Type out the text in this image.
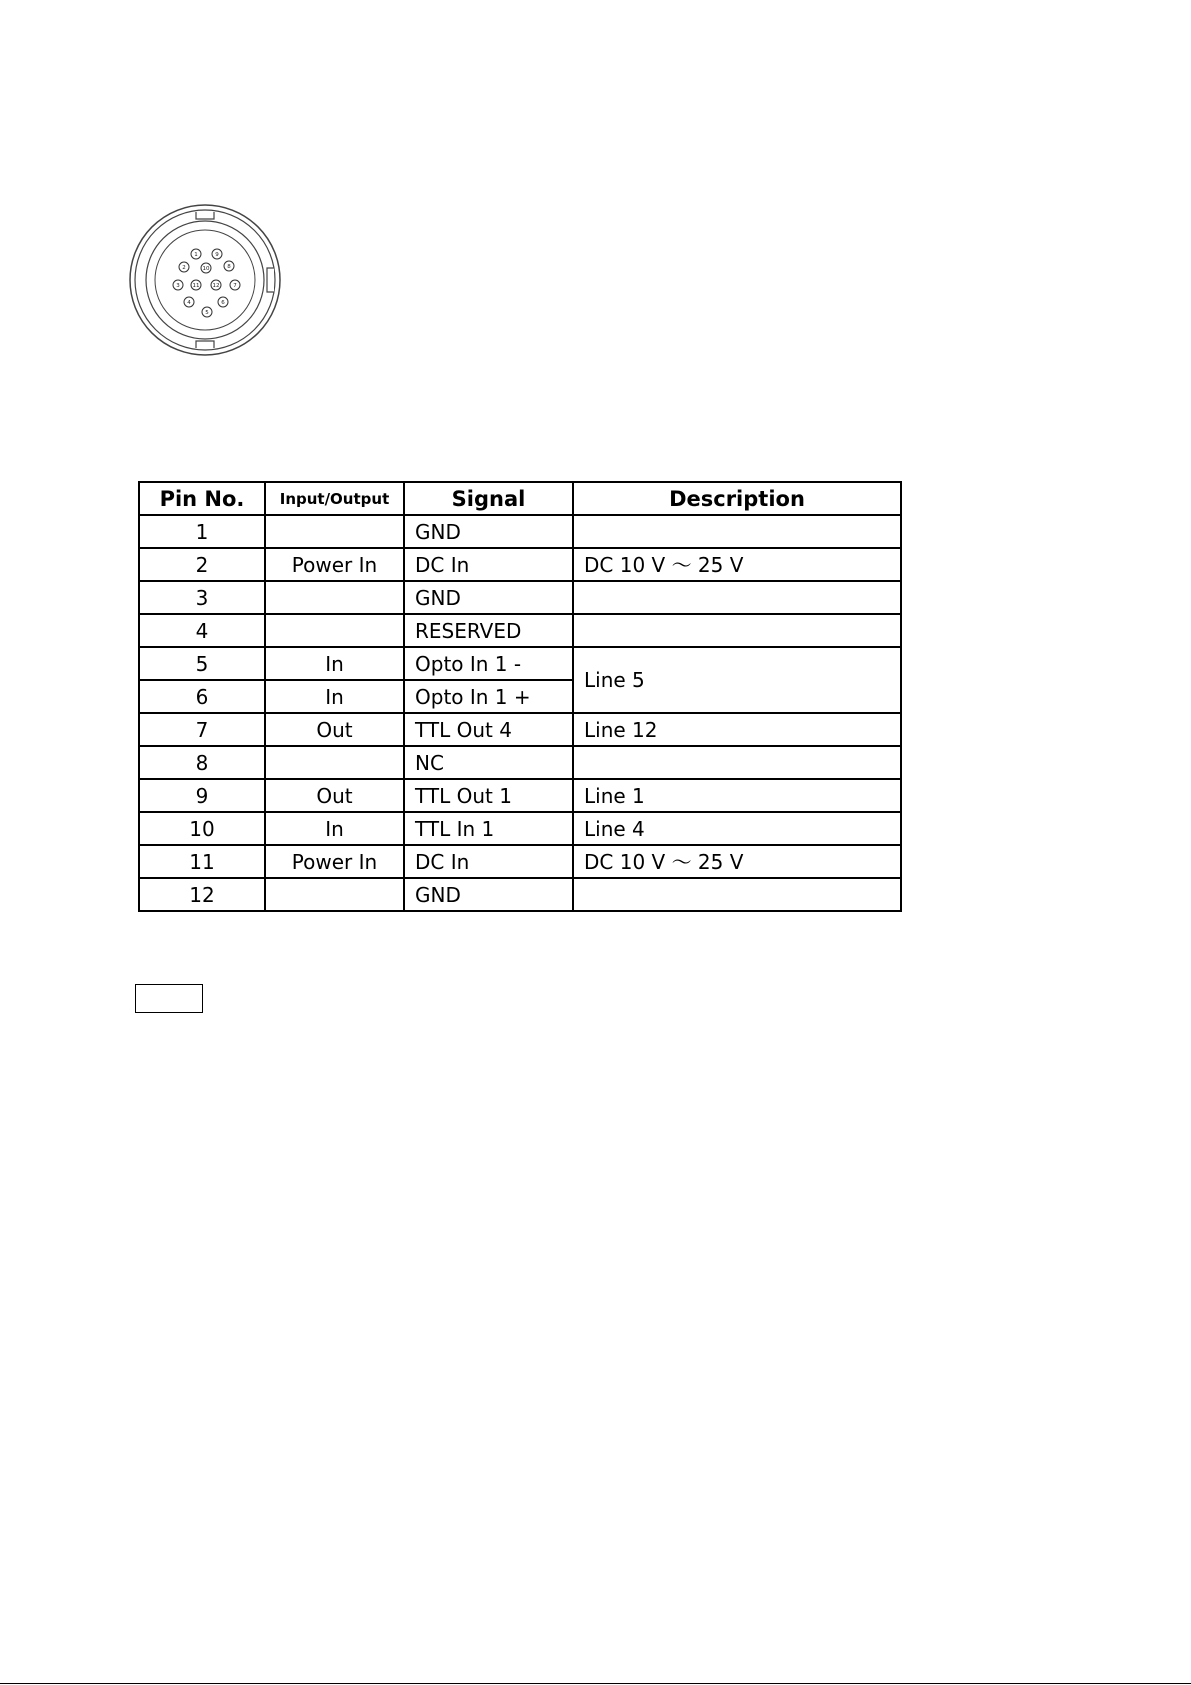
1	9
2	10	8
3 11 12	7
4	6
5
Pin No.	Input/Output	Signal	Description
1		GND	
2	Power In	DC In	DC 10 V ～ 25 V
3		GND	
4		RESERVED	
5	In	Opto In 1 -	Line 5
6	In	Opto In 1 +	
7	Out	TTL Out 4	Line 12
8		NC	
9	Out	TTL Out 1	Line 1
10	In	TTL In 1	Line 4
11	Power In	DC In	DC 10 V ～ 25 V
12		GND	
